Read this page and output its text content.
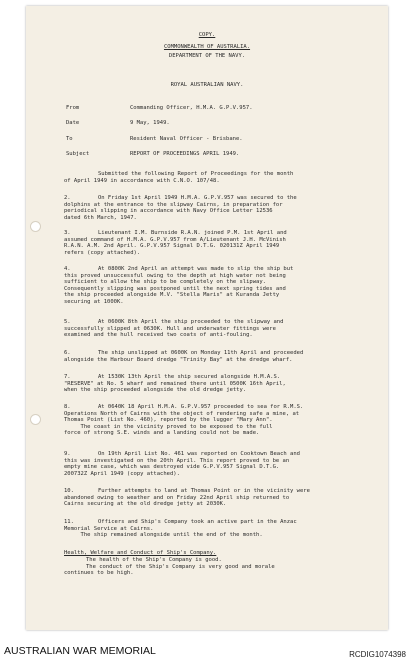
COPY.
COMMONWEALTH OF AUSTRALIA.
DEPARTMENT OF THE NAVY.
ROYAL AUSTRALIAN NAVY.
From	Commanding Officer, H.M.A. G.P.V.957.
Date	9 May, 1949.
To	Resident Naval Officer - Brisbane.
Subject	REPORT OF PROCEEDINGS APRIL 1949.
Submitted the following Report of Proceedings for the month
of April 1949 in accordance with C.N.O. 107/48.
2.	On Friday 1st April 1949 H.M.A. G.P.V.957 was secured to the
dolphins at the entrance to the slipway Cairns, in preparation for
periodical slipping in accordance with Navy Office Letter 12536
dated 6th March, 1947.
3.	Lieutenant I.M. Burnside R.A.N. joined P.M. 1st April and
assumed command of H.M.A. G.P.V.957 from A/Lieutenant J.H. McVinish
R.A.N. A.M. 2nd April. G.P.V.957 Signal D.T.G. 020131Z April 1949
refers (copy attached).
4.	At 0800K 2nd April an attempt was made to slip the ship but
this proved unsuccessful owing to the depth at high water not being
sufficient to allow the ship to be completely on the slipway.
Consequently slipping was postponed until the next spring tides and
the ship proceeded alongside M.V. "Stella Maris" at Kuranda Jetty
securing at 1000K.
5.	At 0600K 8th April the ship proceeded to the slipway and
successfully slipped at 0630K. Hull and underwater fittings were
examined and the hull received two coats of anti-fouling.
6.	The ship unslipped at 0600K on Monday 11th April and proceeded
alongside the Harbour Board dredge "Trinity Bay" at the dredge wharf.
7.	At 1530K 13th April the ship secured alongside H.M.A.S.
"RESERVE" at No. 5 wharf and remained there until 0500K 16th April,
when the ship proceeded alongside the old dredge jetty.
8.	At 0640K 18 April H.M.A. G.P.V.957 proceeded to sea for R.M.S.
Operations North of Cairns with the object of rendering safe a mine, at
Thomas Point (List No. 460), reported by the lugger "Mary Ann".
The coast in the vicinity proved to be exposed to the full
force of strong S.E. winds and a landing could not be made.
9.	On 19th April List No. 461 was reported on Cooktown Beach and
this was investigated on the 20th April. This report proved to be an
empty mine case, which was destroyed vide G.P.V.957 Signal D.T.G.
200732Z April 1949 (copy attached).
10.	Further attempts to land at Thomas Point or in the vicinity were
abandoned owing to weather and on Friday 22nd April ship returned to
Cairns securing at the old dredge jetty at 2030K.
11.	Officers and Ship's Company took an active part in the Anzac
Memorial Service at Cairns.
The ship remained alongside until the end of the month.
Health, Welfare and Conduct of Ship's Company.
The health of the Ship's Company is good.
The conduct of the Ship's Company is very good and morale
continues to be high.
AUSTRALIAN WAR MEMORIAL	RCDIG1074398
